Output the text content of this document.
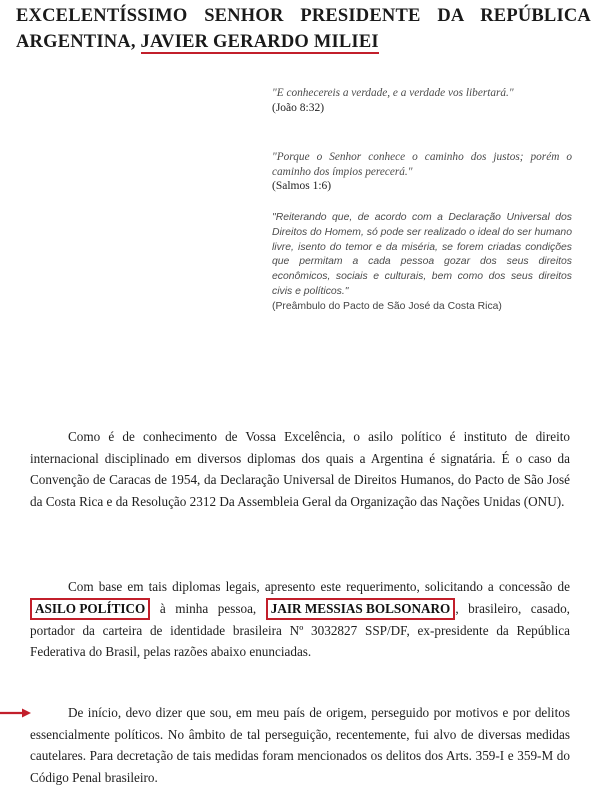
EXCELENTÍSSIMO SENHOR PRESIDENTE DA REPÚBLICA
ARGENTINA, JAVIER GERARDO MILIEI
"E conhecereis a verdade, e a verdade vos libertará."
(João 8:32)
"Porque o Senhor conhece o caminho dos justos; porém o caminho dos ímpios perecerá."
(Salmos 1:6)
"Reiterando que, de acordo com a Declaração Universal dos Direitos do Homem, só pode ser realizado o ideal do ser humano livre, isento do temor e da miséria, se forem criadas condições que permitam a cada pessoa gozar dos seus direitos econômicos, sociais e culturais, bem como dos seus direitos civis e políticos."
(Preâmbulo do Pacto de São José da Costa Rica)
Como é de conhecimento de Vossa Excelência, o asilo político é instituto de direito internacional disciplinado em diversos diplomas dos quais a Argentina é signatária. É o caso da Convenção de Caracas de 1954, da Declaração Universal de Direitos Humanos, do Pacto de São José da Costa Rica e da Resolução 2312 Da Assembleia Geral da Organização das Nações Unidas (ONU).
Com base em tais diplomas legais, apresento este requerimento, solicitando a concessão de ASILO POLÍTICO à minha pessoa, JAIR MESSIAS BOLSONARO , brasileiro, casado, portador da carteira de identidade brasileira Nº 3032827 SSP/DF, ex-presidente da República Federativa do Brasil, pelas razões abaixo enunciadas.
De início, devo dizer que sou, em meu país de origem, perseguido por motivos e por delitos essencialmente políticos. No âmbito de tal perseguição, recentemente, fui alvo de diversas medidas cautelares. Para decretação de tais medidas foram mencionados os delitos dos Arts. 359-I e 359-M do Código Penal brasileiro.
